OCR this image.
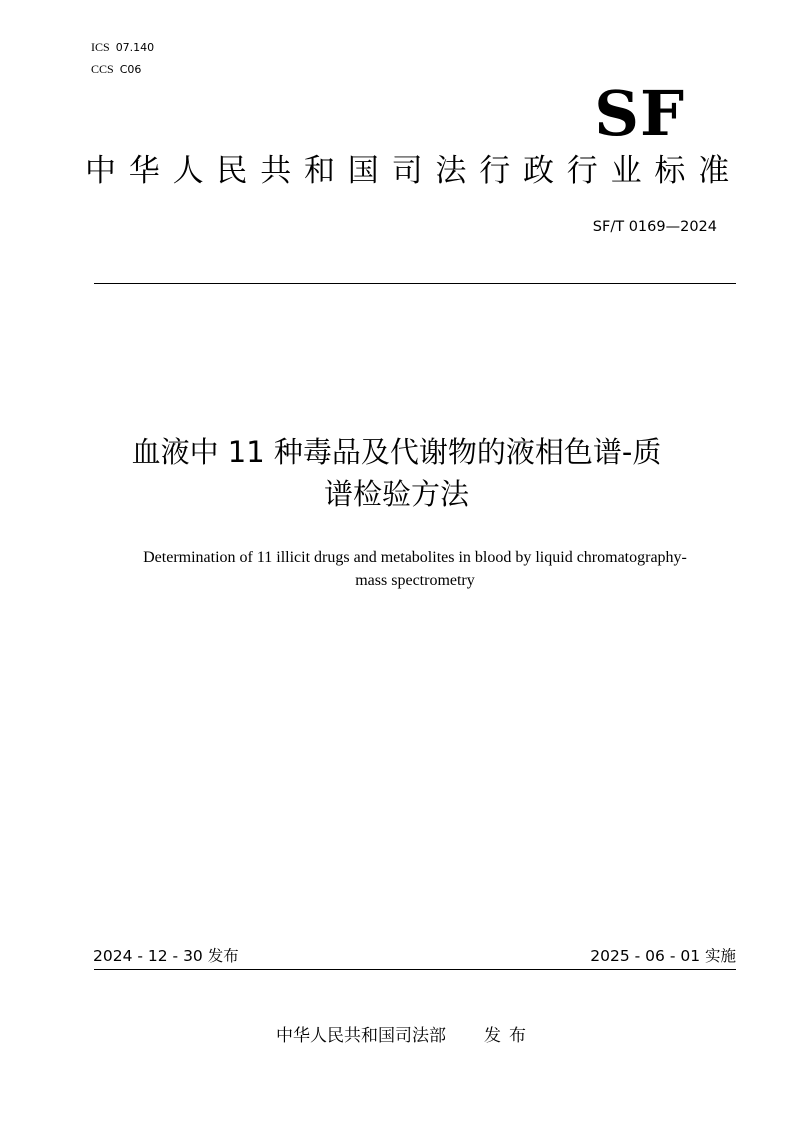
ICS 07.140
CCS C06
SF
中华人民共和国司法行政行业标准
SF/T 0169—2024
血液中 11 种毒品及代谢物的液相色谱-质
谱检验方法
Determination of 11 illicit drugs and metabolites in blood by liquid chromatography-
mass spectrometry
2024 - 12 - 30 发布	2025 - 06 - 01 实施
中华人民共和国司法部 发布
